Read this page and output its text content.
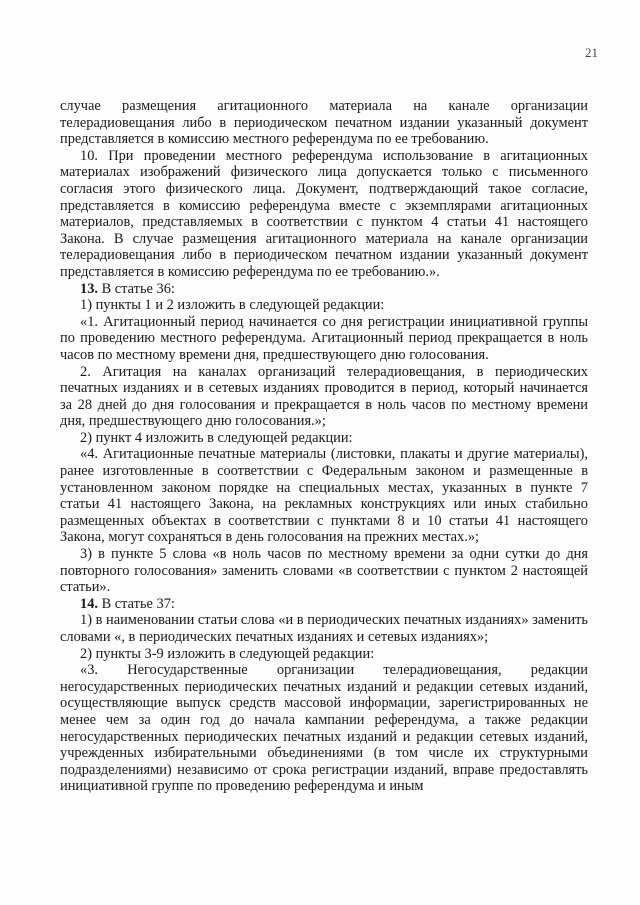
21

случае размещения агитационного материала на канале организации телерадиовещания либо в периодическом печатном издании указанный документ представляется в комиссию местного референдума по ее требованию.

10. При проведении местного референдума использование в агитационных материалах изображений физического лица допускается только с письменного согласия этого физического лица. Документ, подтверждающий такое согласие, представляется в комиссию референдума вместе с экземплярами агитационных материалов, представляемых в соответствии с пунктом 4 статьи 41 настоящего Закона. В случае размещения агитационного материала на канале организации телерадиовещания либо в периодическом печатном издании указанный документ представляется в комиссию референдума по ее требованию.».

13. В статье 36:

1) пункты 1 и 2 изложить в следующей редакции:

«1. Агитационный период начинается со дня регистрации инициативной группы по проведению местного референдума. Агитационный период прекращается в ноль часов по местному времени дня, предшествующего дню голосования.

2. Агитация на каналах организаций телерадиовещания, в периодических печатных изданиях и в сетевых изданиях проводится в период, который начинается за 28 дней до дня голосования и прекращается в ноль часов по местному времени дня, предшествующего дню голосования.»;

2) пункт 4 изложить в следующей редакции:

«4. Агитационные печатные материалы (листовки, плакаты и другие материалы), ранее изготовленные в соответствии с Федеральным законом и размещенные в установленном законом порядке на специальных местах, указанных в пункте 7 статьи 41 настоящего Закона, на рекламных конструкциях или иных стабильно размещенных объектах в соответствии с пунктами 8 и 10 статьи 41 настоящего Закона, могут сохраняться в день голосования на прежних местах.»;

3) в пункте 5 слова «в ноль часов по местному времени за одни сутки до дня повторного голосования» заменить словами «в соответствии с пунктом 2 настоящей статьи».

14. В статье 37:

1) в наименовании статьи слова «и в периодических печатных изданиях» заменить словами «, в периодических печатных изданиях и сетевых изданиях»;

2) пункты 3-9 изложить в следующей редакции:

«3. Негосударственные организации телерадиовещания, редакции негосударственных периодических печатных изданий и редакции сетевых изданий, осуществляющие выпуск средств массовой информации, зарегистрированных не менее чем за один год до начала кампании референдума, а также редакции негосударственных периодических печатных изданий и редакции сетевых изданий, учрежденных избирательными объединениями (в том числе их структурными подразделениями) независимо от срока регистрации изданий, вправе предоставлять инициативной группе по проведению референдума и иным
